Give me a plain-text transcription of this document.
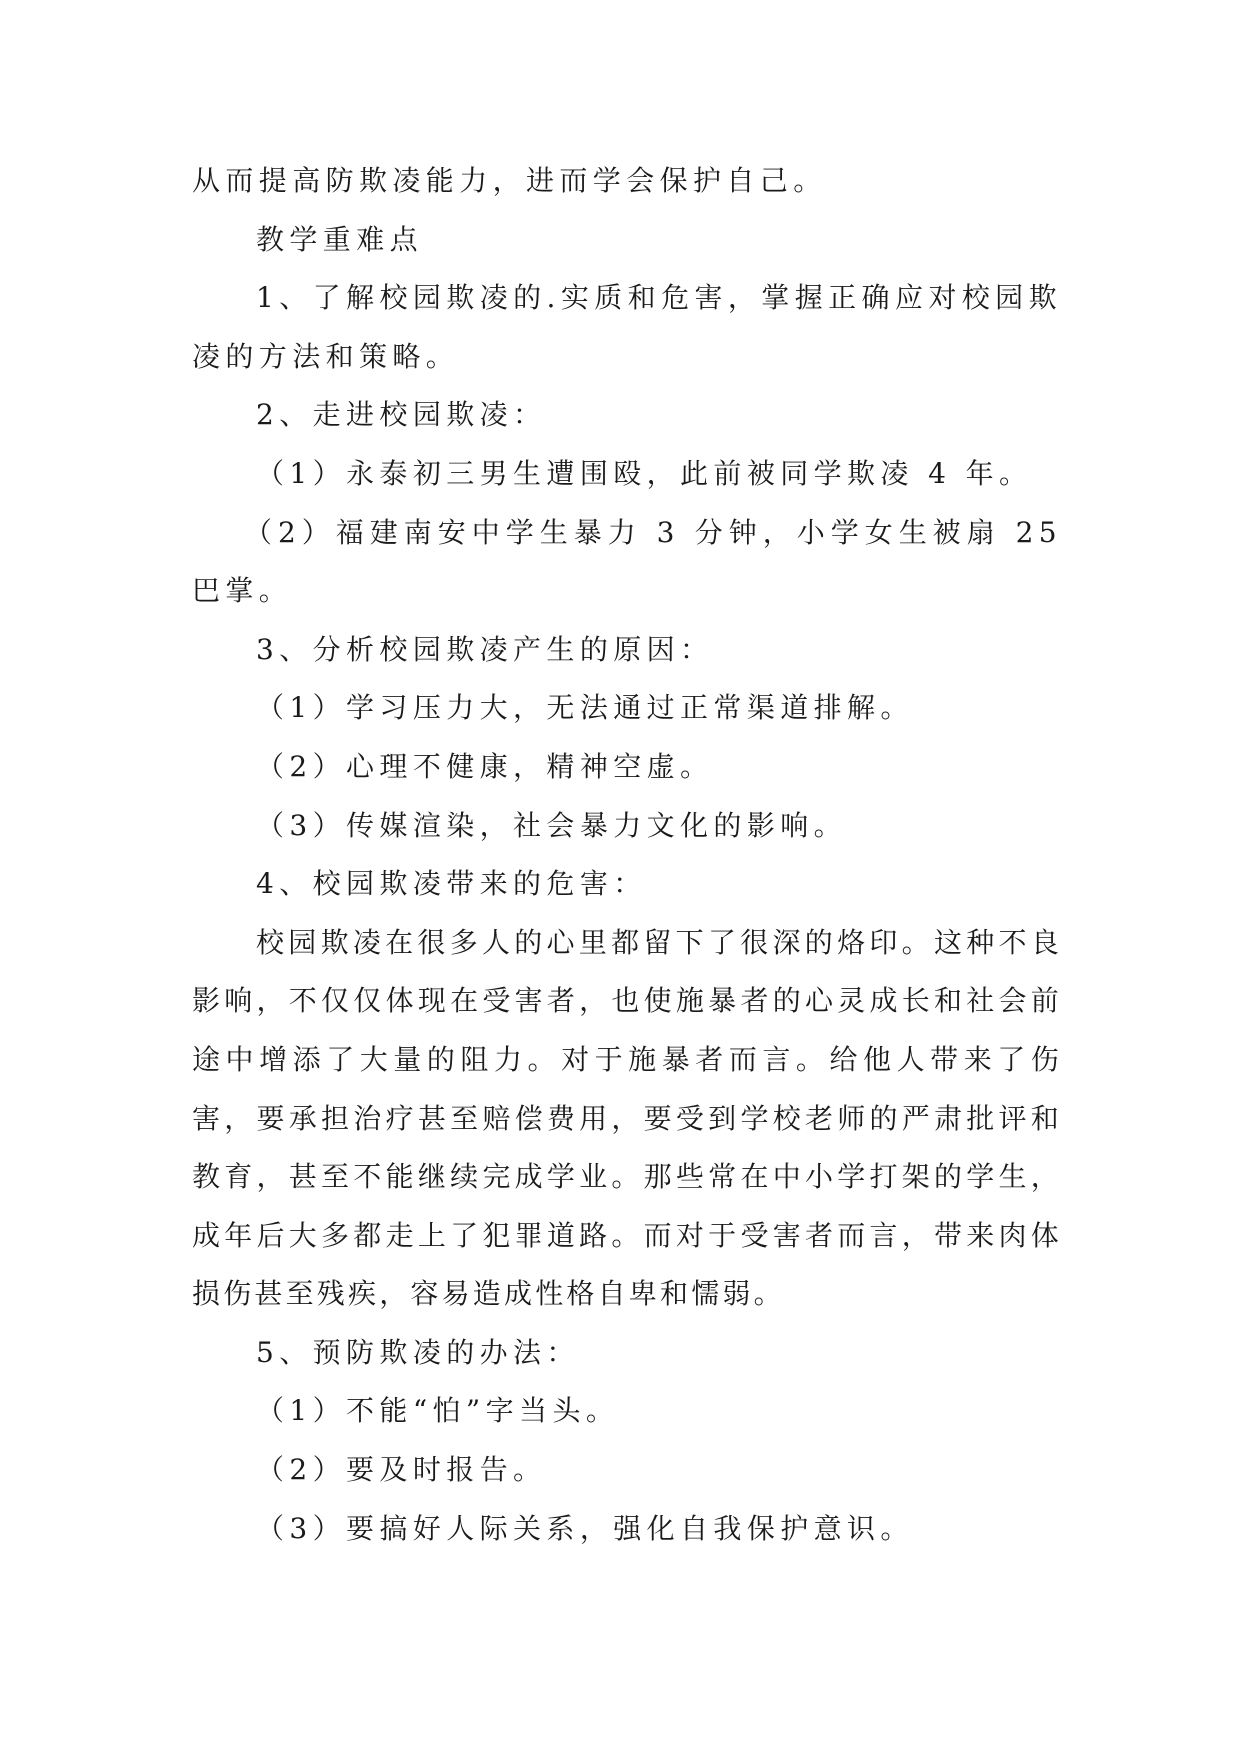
从而提高防欺凌能力，进而学会保护自己。

教学重难点

1、了解校园欺凌的.实质和危害，掌握正确应对校园欺凌的方法和策略。

2、走进校园欺凌：

（1）永泰初三男生遭围殴，此前被同学欺凌 4 年。

（2）福建南安中学生暴力 3 分钟，小学女生被扇 25 巴掌。

3、分析校园欺凌产生的原因：

（1）学习压力大，无法通过正常渠道排解。

（2）心理不健康，精神空虚。

（3）传媒渲染，社会暴力文化的影响。

4、校园欺凌带来的危害：

校园欺凌在很多人的心里都留下了很深的烙印。这种不良影响，不仅仅体现在受害者，也使施暴者的心灵成长和社会前途中增添了大量的阻力。对于施暴者而言。给他人带来了伤害，要承担治疗甚至赔偿费用，要受到学校老师的严肃批评和教育，甚至不能继续完成学业。那些常在中小学打架的学生，成年后大多都走上了犯罪道路。而对于受害者而言，带来肉体损伤甚至残疾，容易造成性格自卑和懦弱。

5、预防欺凌的办法：

（1）不能“怕”字当头。

（2）要及时报告。

（3）要搞好人际关系，强化自我保护意识。
